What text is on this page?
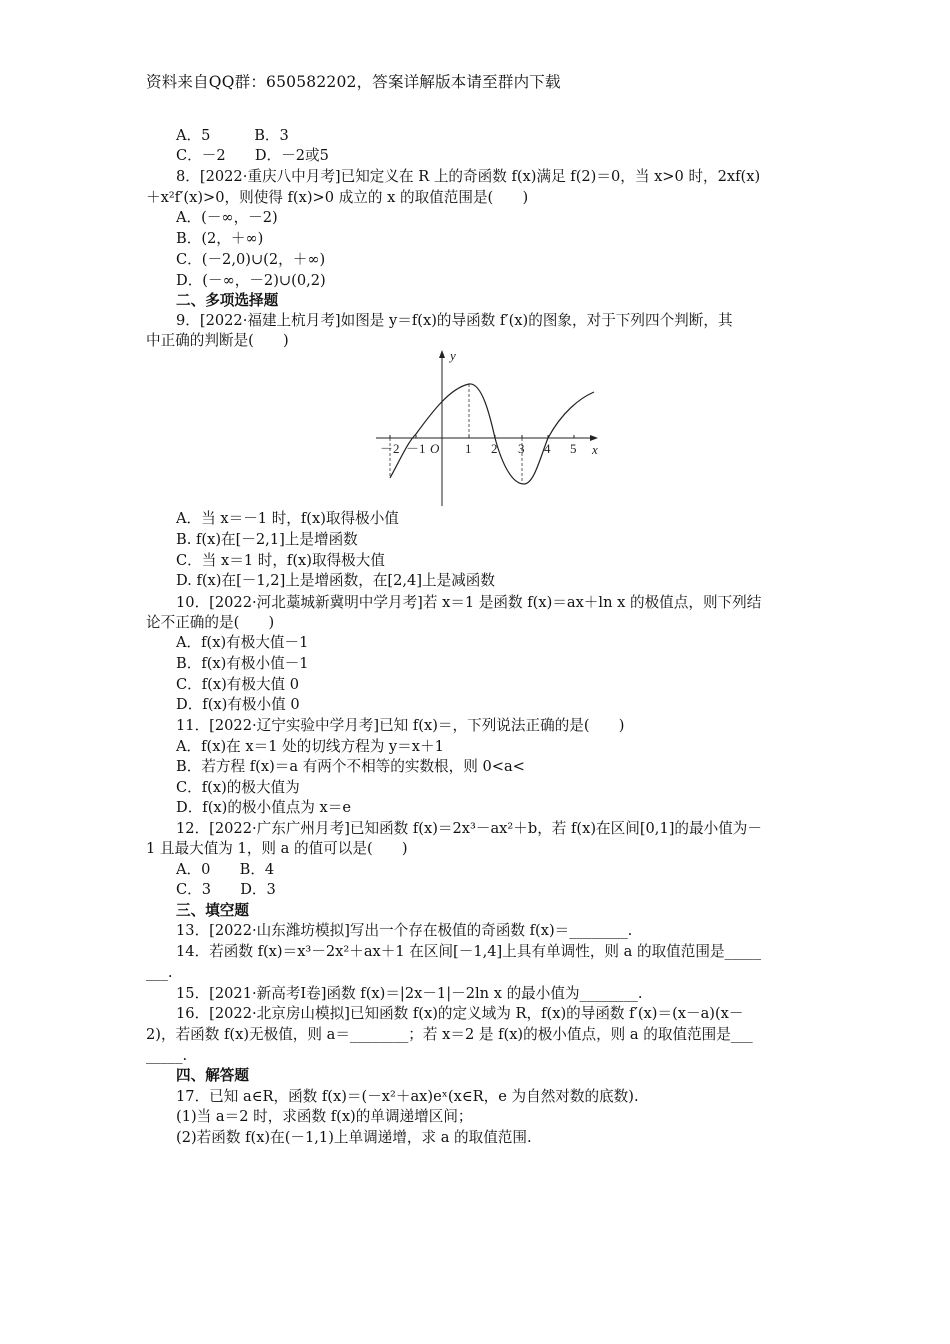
资料来自QQ群：650582202，答案详解版本请至群内下载
A．5　　　B．3
C．－2　　D．－2或5
8．[2022·重庆八中月考]已知定义在 R 上的奇函数 f(x)满足 f(2)＝0，当 x>0 时，2xf(x)
＋x²f′(x)>0，则使得 f(x)>0 成立的 x 的取值范围是(　　)
A．(－∞，－2)
B．(2，＋∞)
C．(－2,0)∪(2，＋∞)
D．(－∞，－2)∪(0,2)
二、多项选择题
9．[2022·福建上杭月考]如图是 y＝f(x)的导函数 f′(x)的图象，对于下列四个判断，其
中正确的判断是(　　)
A．当 x＝－1 时，f(x)取得极小值
B. f(x)在[－2,1]上是增函数
C．当 x＝1 时，f(x)取得极大值
D. f(x)在[－1,2]上是增函数，在[2,4]上是减函数
10．[2022·河北藁城新冀明中学月考]若 x＝1 是函数 f(x)＝ax＋ln x 的极值点，则下列结
论不正确的是(　　)
A．f(x)有极大值－1
B．f(x)有极小值－1
C．f(x)有极大值 0
D．f(x)有极小值 0
11．[2022·辽宁实验中学月考]已知 f(x)＝，下列说法正确的是(　　)
A．f(x)在 x＝1 处的切线方程为 y＝x＋1
B．若方程 f(x)＝a 有两个不相等的实数根，则 0<a<
C．f(x)的极大值为
D．f(x)的极小值点为 x＝e
12．[2022·广东广州月考]已知函数 f(x)＝2x³－ax²＋b，若 f(x)在区间[0,1]的最小值为－
1 且最大值为 1，则 a 的值可以是(　　)
A．0　　B．4
C．3　　D．3
三、填空题
13．[2022·山东潍坊模拟]写出一个存在极值的奇函数 f(x)＝________.
14．若函数 f(x)＝x³－2x²＋ax＋1 在区间[－1,4]上具有单调性，则 a 的取值范围是_____
___.
15．[2021·新高考Ⅰ卷]函数 f(x)＝|2x－1|－2ln x 的最小值为________.
16．[2022·北京房山模拟]已知函数 f(x)的定义域为 R，f(x)的导函数 f′(x)＝(x－a)(x－
2)，若函数 f(x)无极值，则 a＝________；若 x＝2 是 f(x)的极小值点，则 a 的取值范围是___
_____.
四、解答题
17．已知 a∈R，函数 f(x)＝(－x²＋ax)eˣ(x∈R，e 为自然对数的底数).
(1)当 a＝2 时，求函数 f(x)的单调递增区间；
(2)若函数 f(x)在(－1,1)上单调递增，求 a 的取值范围.
y
x
O
－2 －1	1 2 3 4 5
